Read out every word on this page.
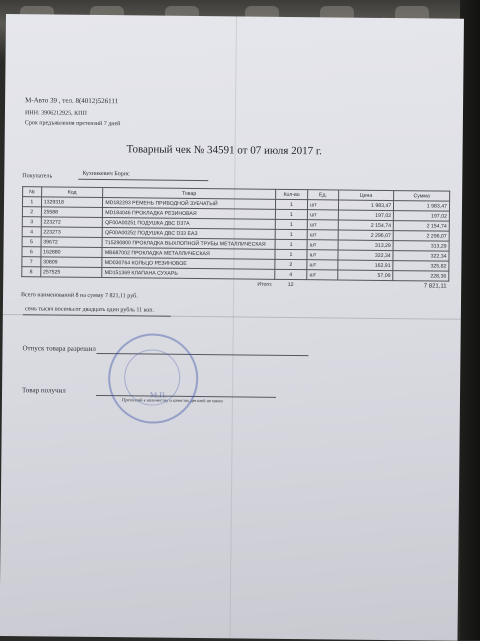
М-Авто 39 , тел. 8(4012)526111
ИНН: 3906212925, КПП
Срок предъявления претензий 7 дней
Товарный чек № 34591 от 07 июля 2017 г.
Покупатель	Кухникевич Борис
№	Код	Товар	Кол-во	Ед.	Цена	Сумма
1	1329318	MD182293 РЕМЕНЬ ПРИВОДНОЙ ЗУБЧАТЫЙ	1	шт	1 983,47	1 983,47
2	25588	MD184046 ПРОКЛАДКА РЕЗИНОВАЯ	1	шт	197,02	197,02
3	223272	QF00A00251 ПОДУШКА ДВС D37A	1	шт	2 154,74	2 154,74
4	223273	QF00A00252 ПОДУШКА ДВС D33 ЕАЗ	1	шт	2 296,07	2 296,07
5	39672	715290800 ПРОКЛАДКА ВЫХЛОПНОЙ ТРУБЫ МЕТАЛЛИЧЕСКАЯ	1	шт	313,29	313,29
6	162880	MB687002 ПРОКЛАДКА МЕТАЛЛИЧЕСКАЯ	1	шт	322,34	322,34
7	30809	MD030764 КОЛЬЦО РЕЗИНОВОЕ	2	шт	162,91	325,82
8	257525	MD151369 КЛАПАНА СУХАРЬ	4	шт	57,09	228,36
Итого:			12			7 821,11
Всего наименований 8 на сумму 7 821,11 руб.
семь тысяч восемьсот двадцать один рубль 11 коп.
Отпуск товара разрешил
Товар получил
Претензий к количеству и качеству деталей не имею
М.П.
